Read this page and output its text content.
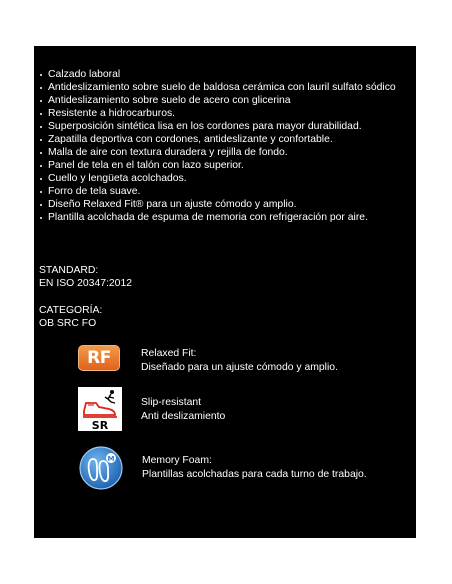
Calzado laboral
Antideslizamiento sobre suelo de baldosa cerámica con lauril sulfato sódico
Antideslizamiento sobre suelo de acero con glicerina
Resistente a hidrocarburos.
Superposición sintética lisa en los cordones para mayor durabilidad.
Zapatilla deportiva con cordones, antideslizante y confortable.
Malla de aire con textura duradera y rejilla de fondo.
Panel de tela en el talón con lazo superior.
Cuello y lengüeta acolchados.
Forro de tela suave.
Diseño Relaxed Fit® para un ajuste cómodo y amplio.
Plantilla acolchada de espuma de memoria con refrigeración por aire.
STANDARD:
EN ISO 20347:2012
CATEGORÍA:
OB SRC FO
RF	Relaxed Fit:
Diseñado para un ajuste cómodo y amplio.
SR
Slip-resistant
Anti deslizamiento
M	Memory Foam:
Plantillas acolchadas para cada turno de trabajo.
